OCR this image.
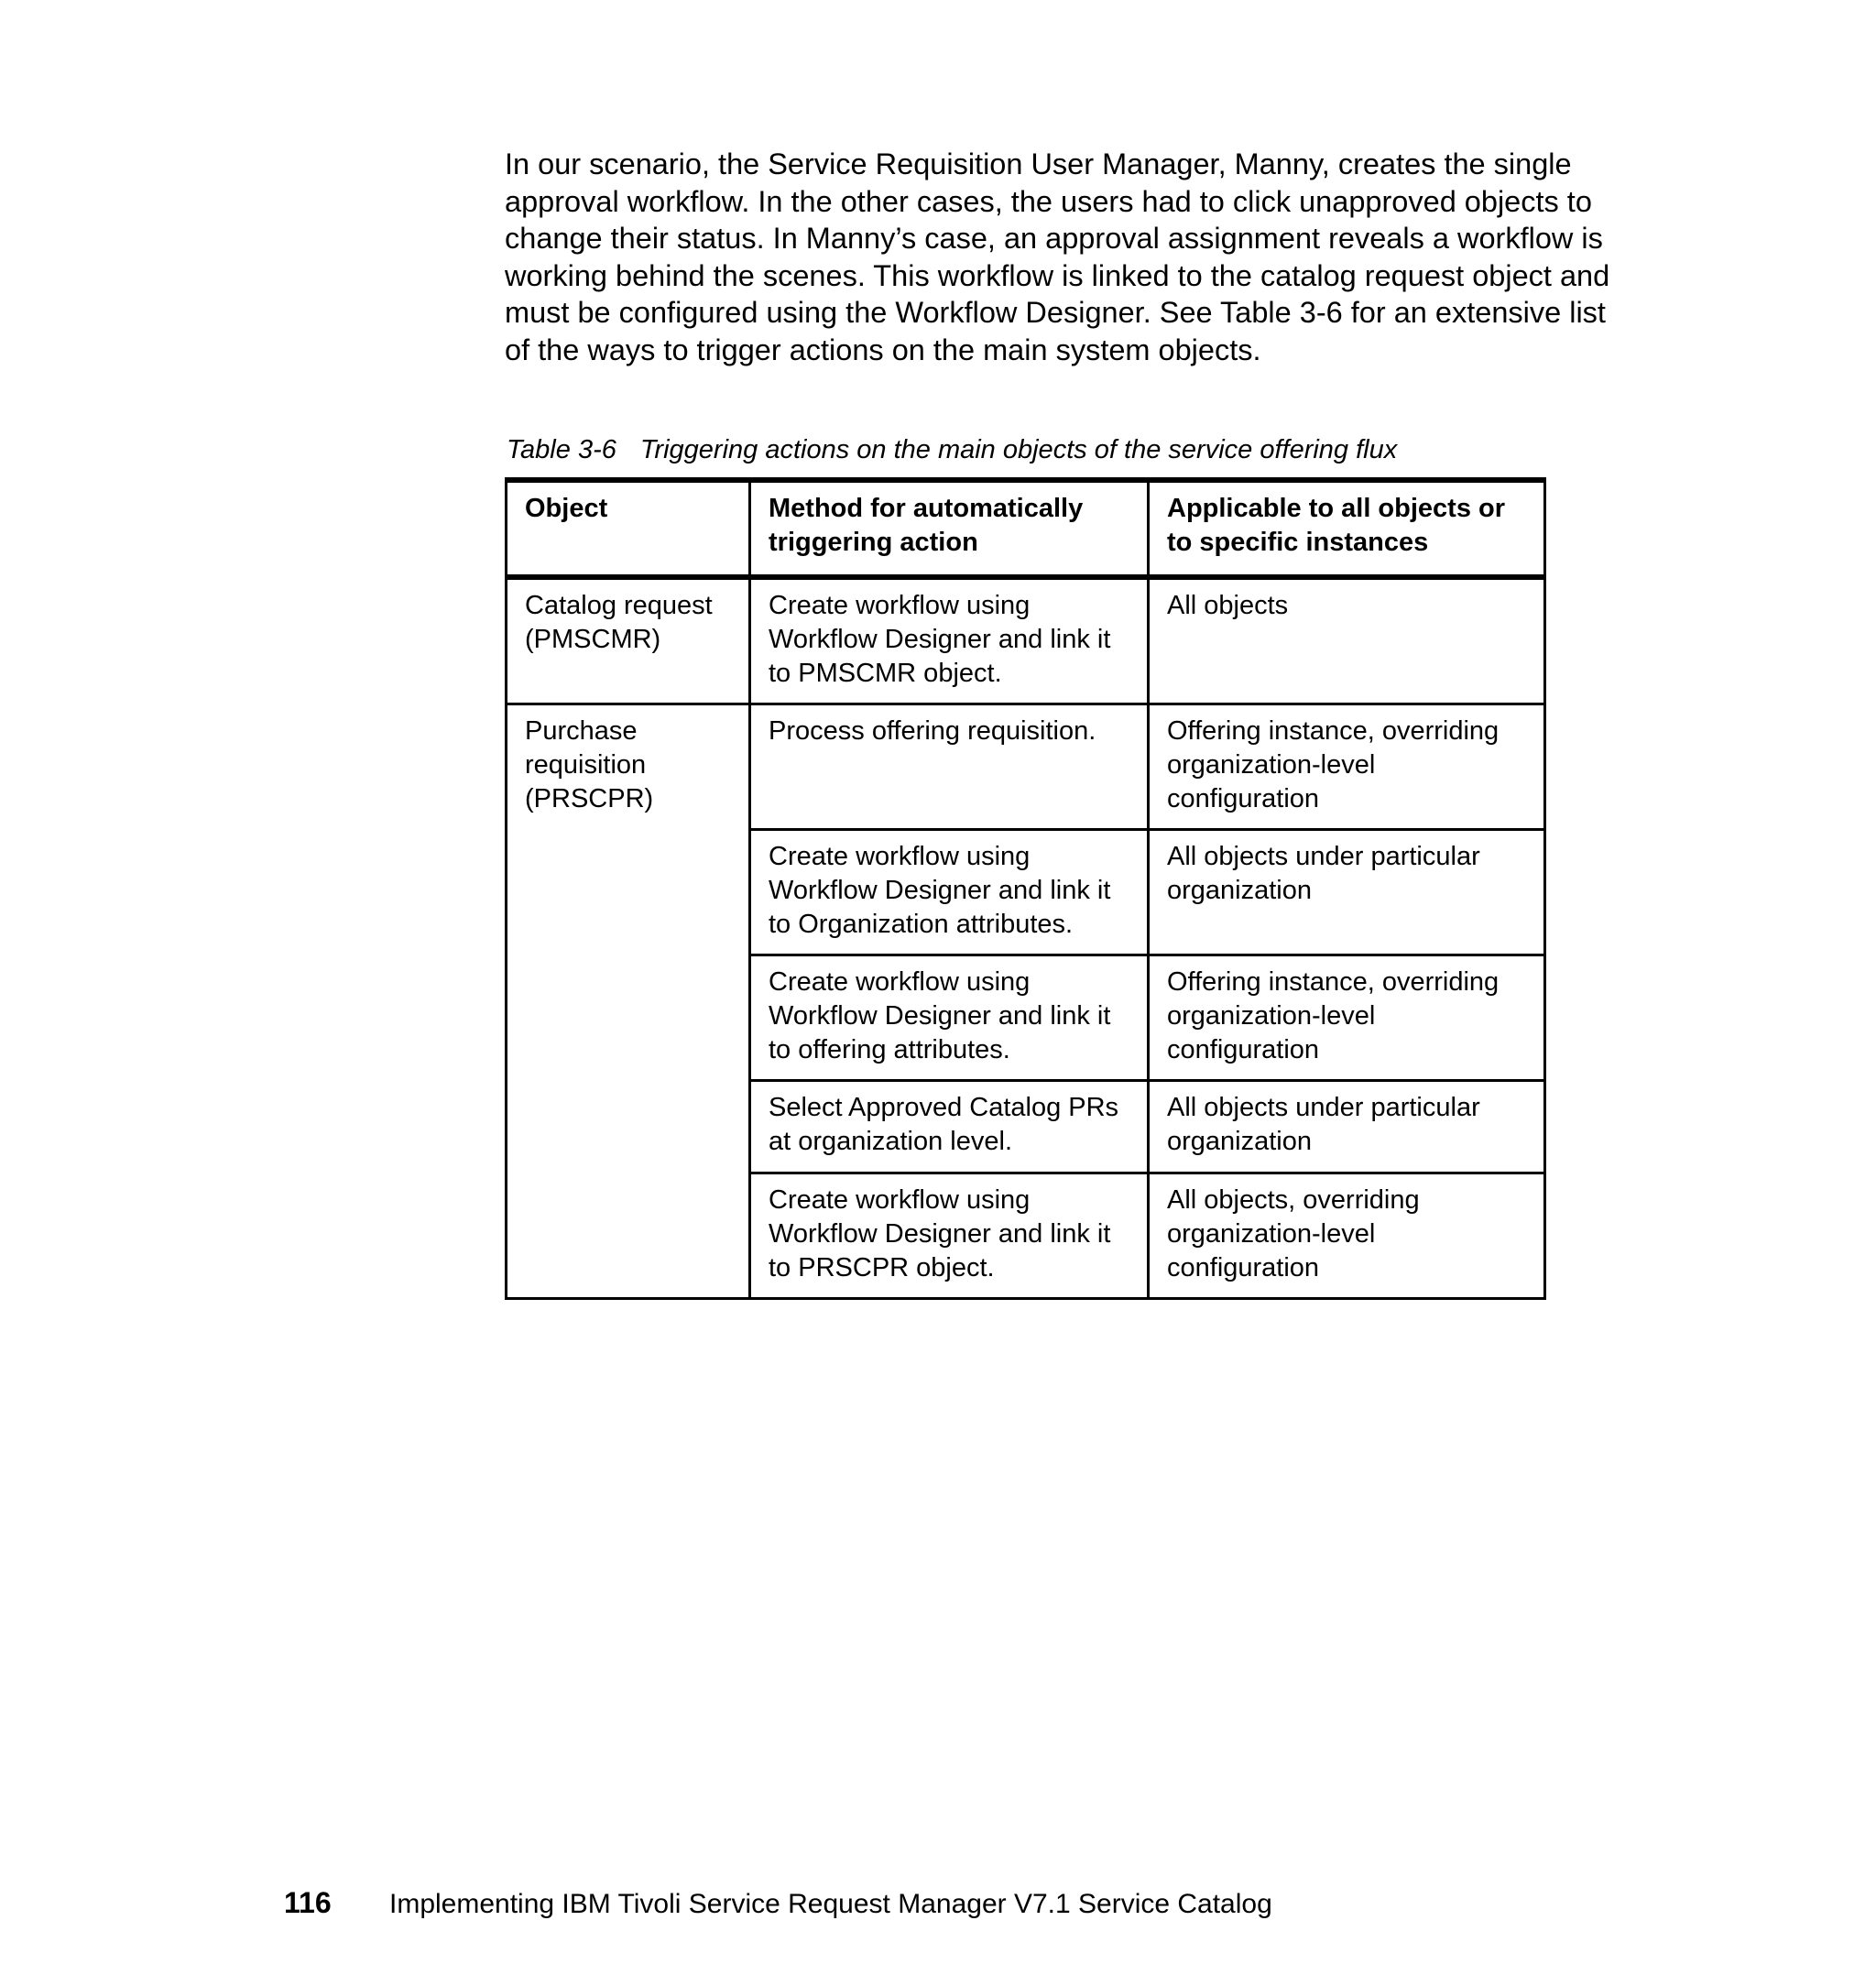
In our scenario, the Service Requisition User Manager, Manny, creates the single approval workflow. In the other cases, the users had to click unapproved objects to change their status. In Manny’s case, an approval assignment reveals a workflow is working behind the scenes. This workflow is linked to the catalog request object and must be configured using the Workflow Designer. See Table 3-6 for an extensive list of the ways to trigger actions on the main system objects.

Table 3-6 Triggering actions on the main objects of the service offering flux

Object	Method for automatically triggering action	Applicable to all objects or to specific instances
Catalog request (PMSCMR)	Create workflow using Workflow Designer and link it to PMSCMR object.	All objects
Purchase requisition (PRSCPR)	Process offering requisition.	Offering instance, overriding organization-level configuration
	Create workflow using Workflow Designer and link it to Organization attributes.	All objects under particular organization
	Create workflow using Workflow Designer and link it to offering attributes.	Offering instance, overriding organization-level configuration
	Select Approved Catalog PRs at organization level.	All objects under particular organization
	Create workflow using Workflow Designer and link it to PRSCPR object.	All objects, overriding organization-level configuration
116 Implementing IBM Tivoli Service Request Manager V7.1 Service Catalog
